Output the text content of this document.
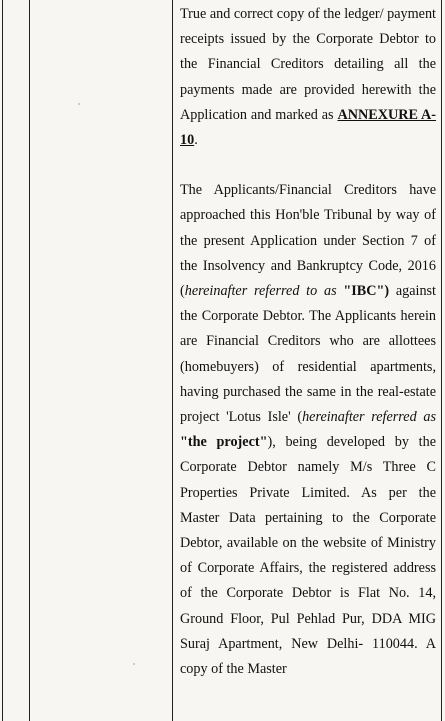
True and correct copy of the ledger/ payment receipts issued by the Corporate Debtor to the Financial Creditors detailing all the payments made are provided herewith the Application and marked as ANNEXURE A-10.

The Applicants/Financial Creditors have approached this Hon'ble Tribunal by way of the present Application under Section 7 of the Insolvency and Bankruptcy Code, 2016 (hereinafter referred to as "IBC") against the Corporate Debtor. The Applicants herein are Financial Creditors who are allottees (homebuyers) of residential apartments, having purchased the same in the real-estate project 'Lotus Isle' (hereinafter referred as "the project"), being developed by the Corporate Debtor namely M/s Three C Properties Private Limited. As per the Master Data pertaining to the Corporate Debtor, available on the website of Ministry of Corporate Affairs, the registered address of the Corporate Debtor is Flat No. 14, Ground Floor, Pul Pehlad Pur, DDA MIG Suraj Apartment, New Delhi- 110044. A copy of the Master
